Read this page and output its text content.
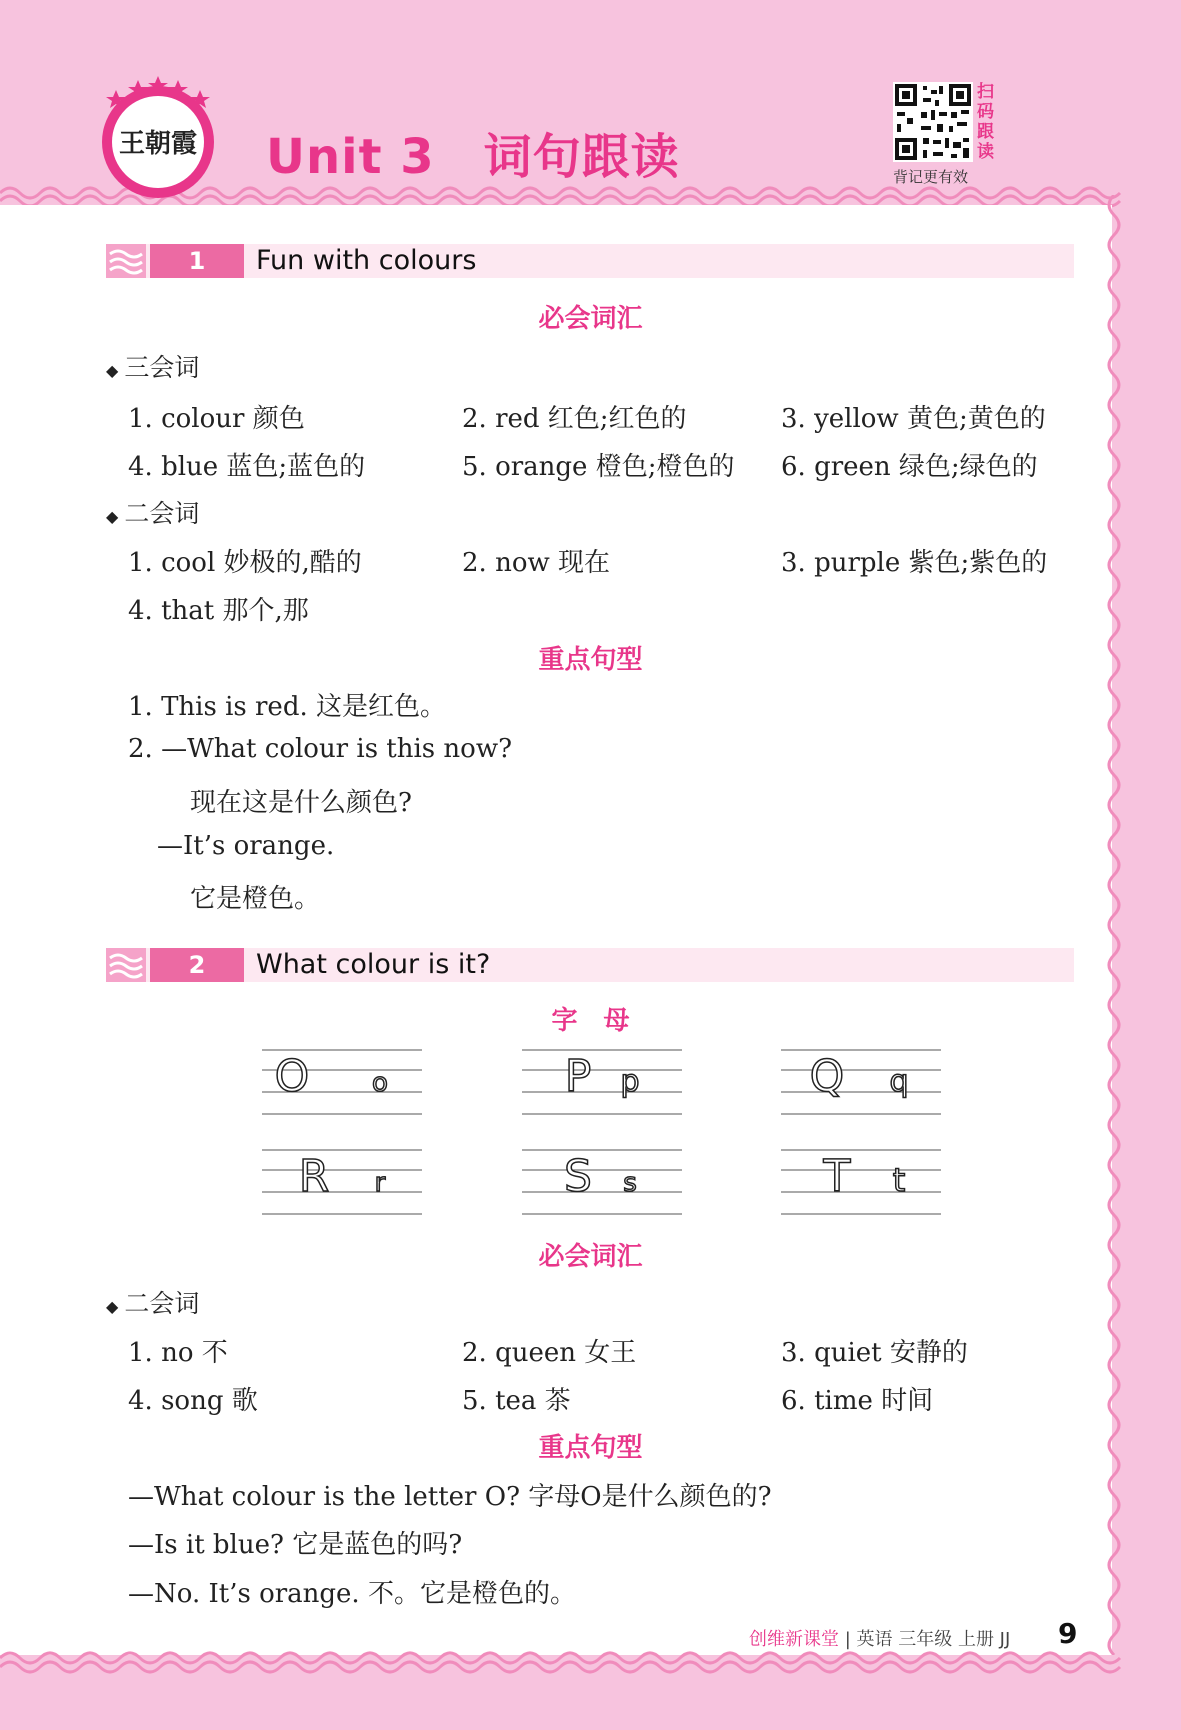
王朝霞 Unit 3　词句跟读
扫码跟读
背记更有效
1	Fun with colours
必会词汇
◆ 三会词
1. colour 颜色	2. red 红色;红色的	3. yellow 黄色;黄色的
4. blue 蓝色;蓝色的	5. orange 橙色;橙色的 6. green 绿色;绿色的
◆ 二会词
1. cool 妙极的,酷的	2. now 现在	3. purple 紫色;紫色的
4. that 那个,那
重点句型
1. This is red. 这是红色。
2. —What colour is this now?
现在这是什么颜色?
—It’s orange.
它是橙色。
2	What colour is it?
字　母
O o	P p	Q q
R r	S s	T t
必会词汇
◆ 二会词
1. no 不	2. queen 女王	3. quiet 安静的
4. song 歌	5. tea 茶	6. time 时间
重点句型
—What colour is the letter O? 字母O是什么颜色的?
—Is it blue? 它是蓝色的吗?
—No. It’s orange. 不。它是橙色的。
创维新课堂 | 英语 三年级 上册 JJ 9
